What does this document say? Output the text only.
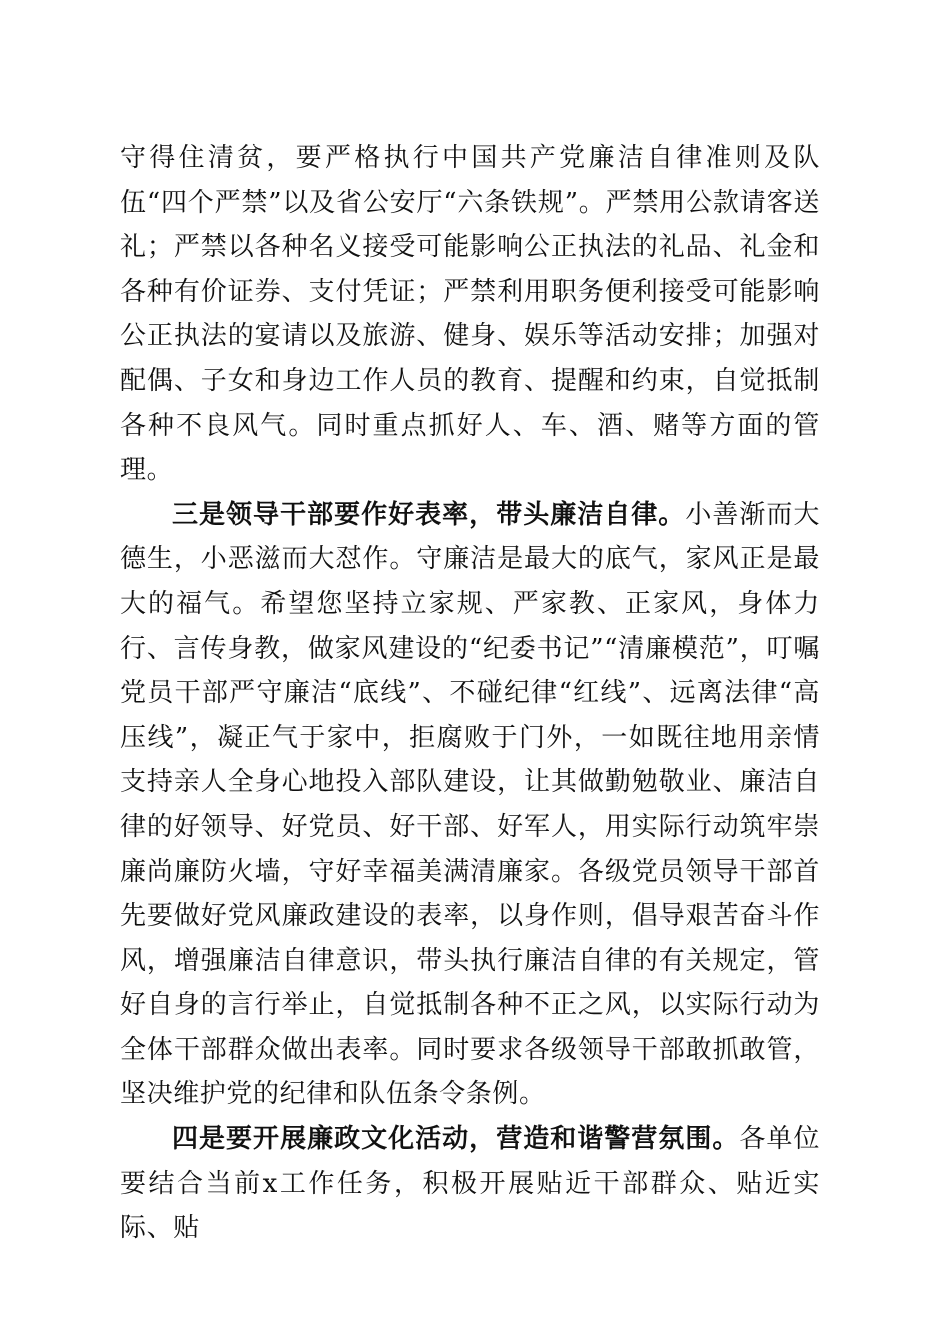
守得住清贫，要严格执行中国共产党廉洁自律准则及队伍“四个严禁”以及省公安厅“六条铁规”。严禁用公款请客送礼；严禁以各种名义接受可能影响公正执法的礼品、礼金和各种有价证券、支付凭证；严禁利用职务便利接受可能影响公正执法的宴请以及旅游、健身、娱乐等活动安排；加强对配偶、子女和身边工作人员的教育、提醒和约束，自觉抵制各种不良风气。同时重点抓好人、车、酒、赌等方面的管理。

三是领导干部要作好表率，带头廉洁自律。小善渐而大德生，小恶滋而大怼作。守廉洁是最大的底气，家风正是最大的福气。希望您坚持立家规、严家教、正家风，身体力行、言传身教，做家风建设的“纪委书记”“清廉模范”，叮嘱党员干部严守廉洁“底线”、不碰纪律“红线”、远离法律“高压线”，凝正气于家中，拒腐败于门外，一如既往地用亲情支持亲人全身心地投入部队建设，让其做勤勉敬业、廉洁自律的好领导、好党员、好干部、好军人，用实际行动筑牢崇廉尚廉防火墙，守好幸福美满清廉家。各级党员领导干部首先要做好党风廉政建设的表率，以身作则，倡导艰苦奋斗作风，增强廉洁自律意识，带头执行廉洁自律的有关规定，管好自身的言行举止，自觉抵制各种不正之风，以实际行动为全体干部群众做出表率。同时要求各级领导干部敢抓敢管，坚决维护党的纪律和队伍条令条例。

四是要开展廉政文化活动，营造和谐警营氛围。各单位要结合当前x工作任务，积极开展贴近干部群众、贴近实际、贴
